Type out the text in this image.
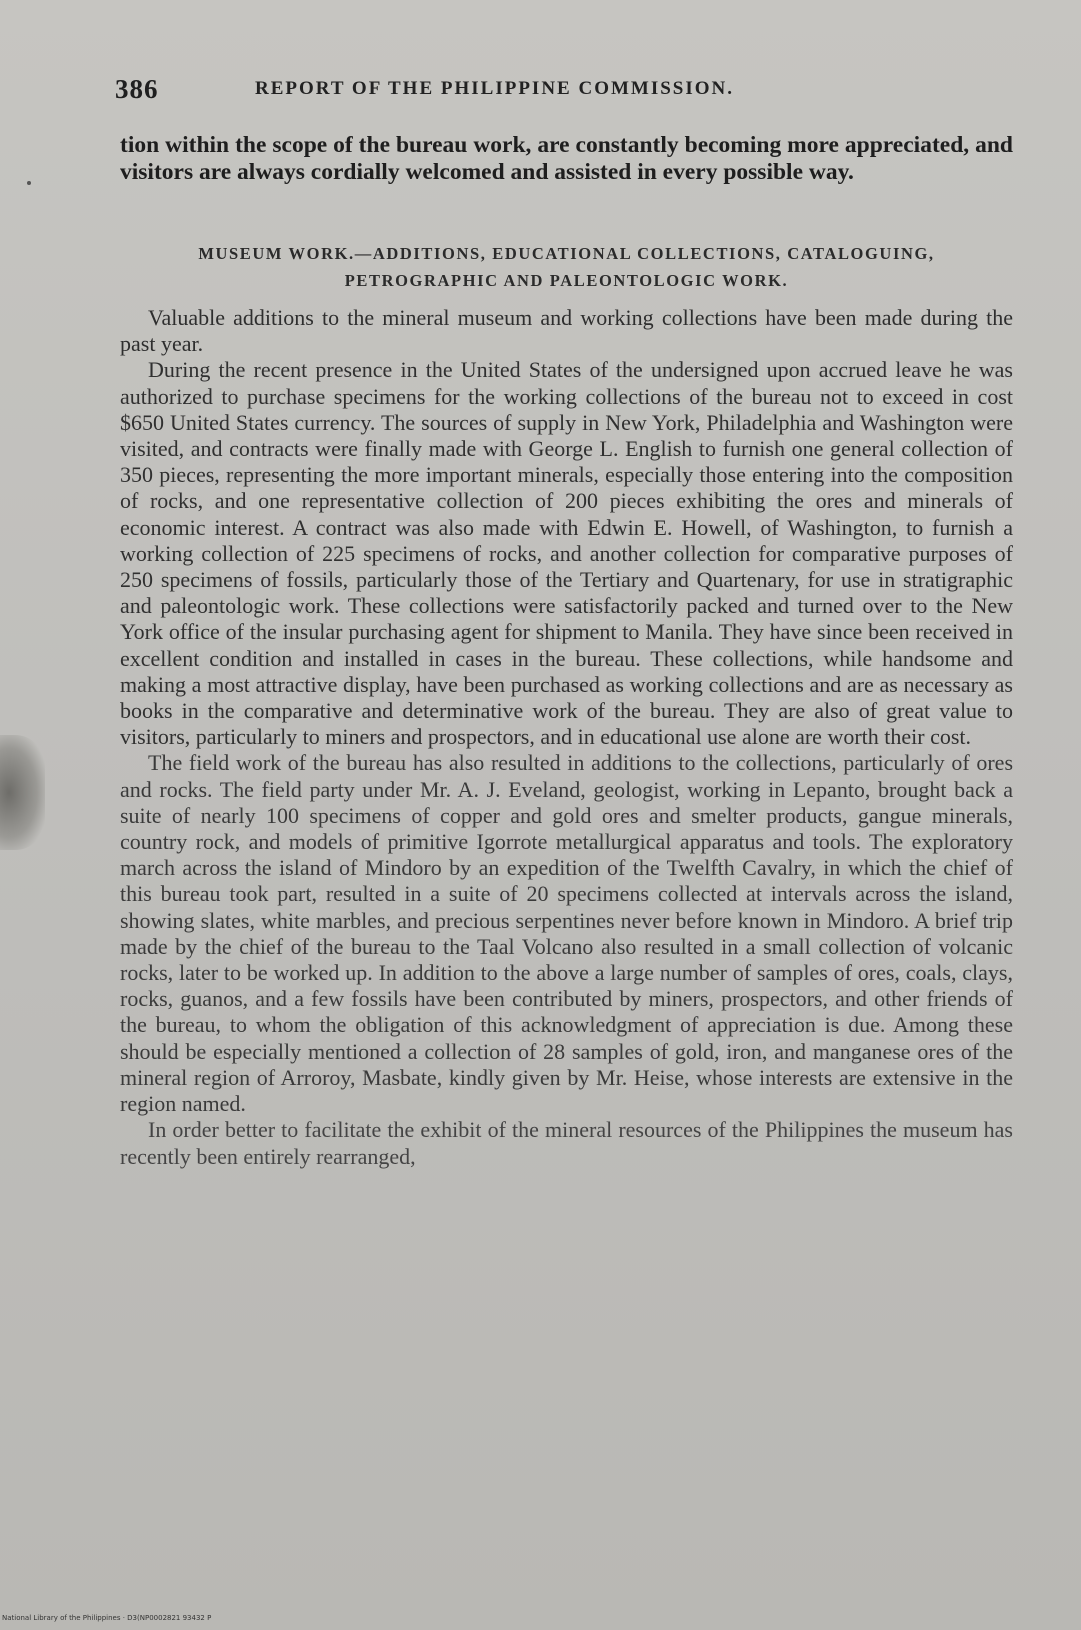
386	REPORT OF THE PHILIPPINE COMMISSION.
tion within the scope of the bureau work, are constantly becoming more appreciated, and visitors are always cordially welcomed and assisted in every possible way.
MUSEUM WORK.—ADDITIONS, EDUCATIONAL COLLECTIONS, CATALOGUING, PETROGRAPHIC AND PALEONTOLOGIC WORK.

Valuable additions to the mineral museum and working collections have been made during the past year.

During the recent presence in the United States of the undersigned upon accrued leave he was authorized to purchase specimens for the working collections of the bureau not to exceed in cost $650 United States currency. The sources of supply in New York, Philadelphia and Washington were visited, and contracts were finally made with George L. English to furnish one general collection of 350 pieces, representing the more important minerals, especially those entering into the composition of rocks, and one representative collection of 200 pieces exhibiting the ores and minerals of economic interest. A contract was also made with Edwin E. Howell, of Washington, to furnish a working collection of 225 specimens of rocks, and another collection for comparative purposes of 250 specimens of fossils, particularly those of the Tertiary and Quartenary, for use in stratigraphic and paleontologic work. These collections were satisfactorily packed and turned over to the New York office of the insular purchasing agent for shipment to Manila. They have since been received in excellent condition and installed in cases in the bureau. These collections, while handsome and making a most attractive display, have been purchased as working collections and are as necessary as books in the comparative and determinative work of the bureau. They are also of great value to visitors, particularly to miners and prospectors, and in educational use alone are worth their cost.

The field work of the bureau has also resulted in additions to the collections, particularly of ores and rocks. The field party under Mr. A. J. Eveland, geologist, working in Lepanto, brought back a suite of nearly 100 specimens of copper and gold ores and smelter products, gangue minerals, country rock, and models of primitive Igorrote metallurgical apparatus and tools. The exploratory march across the island of Mindoro by an expedition of the Twelfth Cavalry, in which the chief of this bureau took part, resulted in a suite of 20 specimens collected at intervals across the island, showing slates, white marbles, and precious serpentines never before known in Mindoro. A brief trip made by the chief of the bureau to the Taal Volcano also resulted in a small collection of volcanic rocks, later to be worked up. In addition to the above a large number of samples of ores, coals, clays, rocks, guanos, and a few fossils have been contributed by miners, prospectors, and other friends of the bureau, to whom the obligation of this acknowledgment of appreciation is due. Among these should be especially mentioned a collection of 28 samples of gold, iron, and manganese ores of the mineral region of Arroroy, Masbate, kindly given by Mr. Heise, whose interests are extensive in the region named.

In order better to facilitate the exhibit of the mineral resources of the Philippines the museum has recently been entirely rearranged,

National Library of the Philippines · D3(NP0002821 93432 P
